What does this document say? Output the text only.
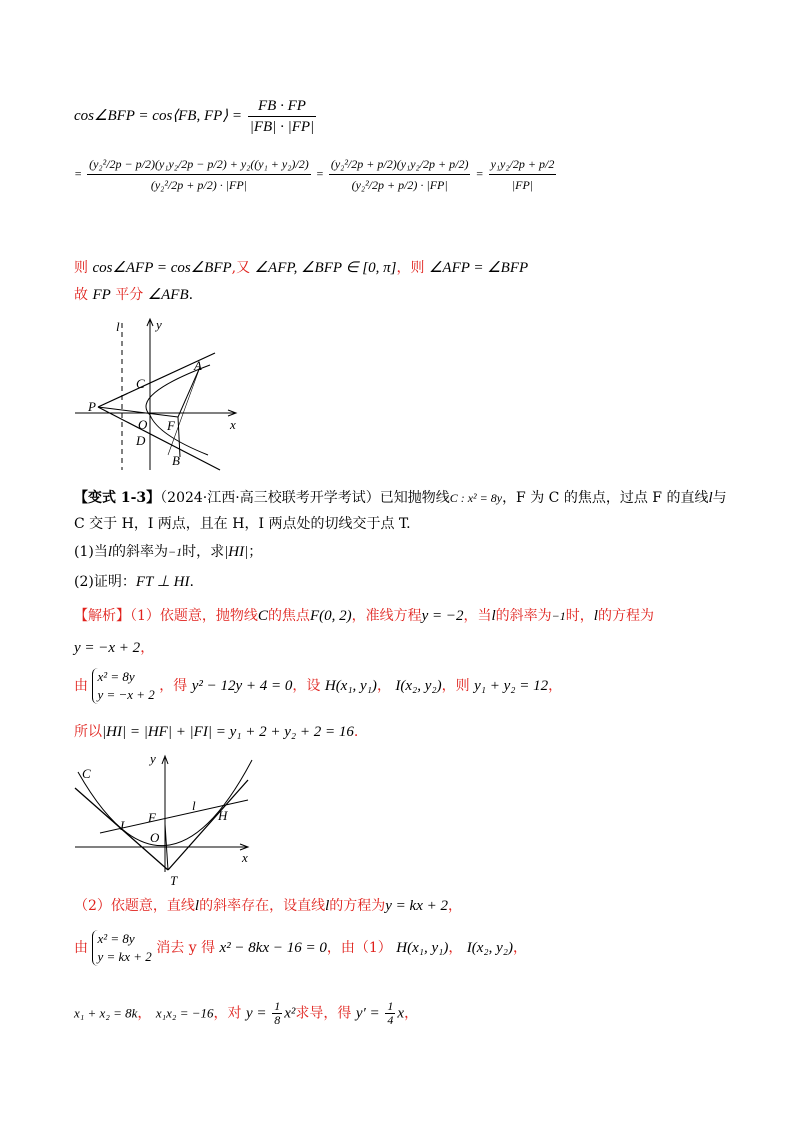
cos∠BFP = cos⟨FB, FP⟩ = $\frac{FB \cdot FP}{|FB| \cdot |FP|}$
= $\frac{\text{(y₂²/2p − p/2)(y₁y₂/2p − p/2) + y₂((y₁ + y₂)/2)}}{\text{(y₂²/2p + p/2) · |FP|}} = \frac{\text{(y₂²/2p + p/2)(y₁y₂/2p + p/2)}}{\text{(y₂²/2p + p/2) · |FP|}} = \frac{\text{y₁y₂/2p + p/2}}{|FP|}$
则 cos∠AFP = cos∠BFP,又 ∠AFP, ∠BFP ∈ [0, π]，则 ∠AFP = ∠BFP
故 FP 平分 ∠AFB.
l	y
A
C
P
O F	x
D
B
【变式 1-3】（2024·江西·高三校联考开学考试）已知抛物线C : x² = 8y，F 为 C 的焦点，过点 F 的直线l与
C 交于 H，I 两点，且在 H，I 两点处的切线交于点 T.
(1)当l的斜率为−1时，求|HI|；
(2)证明：FT ⊥ HI.
【解析】（1）依题意，抛物线C的焦点F(0, 2)，准线方程y = −2，当l的斜率为−1时，l的方程为
y = −x + 2，
由
x² = 8y
y = −x + 2
，得 y² − 12y + 4 = 0，设 H(x₁, y₁)， I(x₂, y₂)，则 y₁ + y₂ = 12，
所以|HI| = |HF| + |FI| = y₁ + 2 + y₂ + 2 = 16.
y
C
l
F
I
H
O
x
T
（2）依题意，直线l的斜率存在，设直线l的方程为y = kx + 2，
由
x² = 8y
y = kx + 2
消去 y 得 x² − 8kx − 16 = 0，由（1） H(x₁, y₁)， I(x₂, y₂)，
x₁ + x₂ = 8k， x₁x₂ = −16，对 $y = \frac{1}{8} x^2$求导，得 $y' = \frac{1}{4}$ x，
